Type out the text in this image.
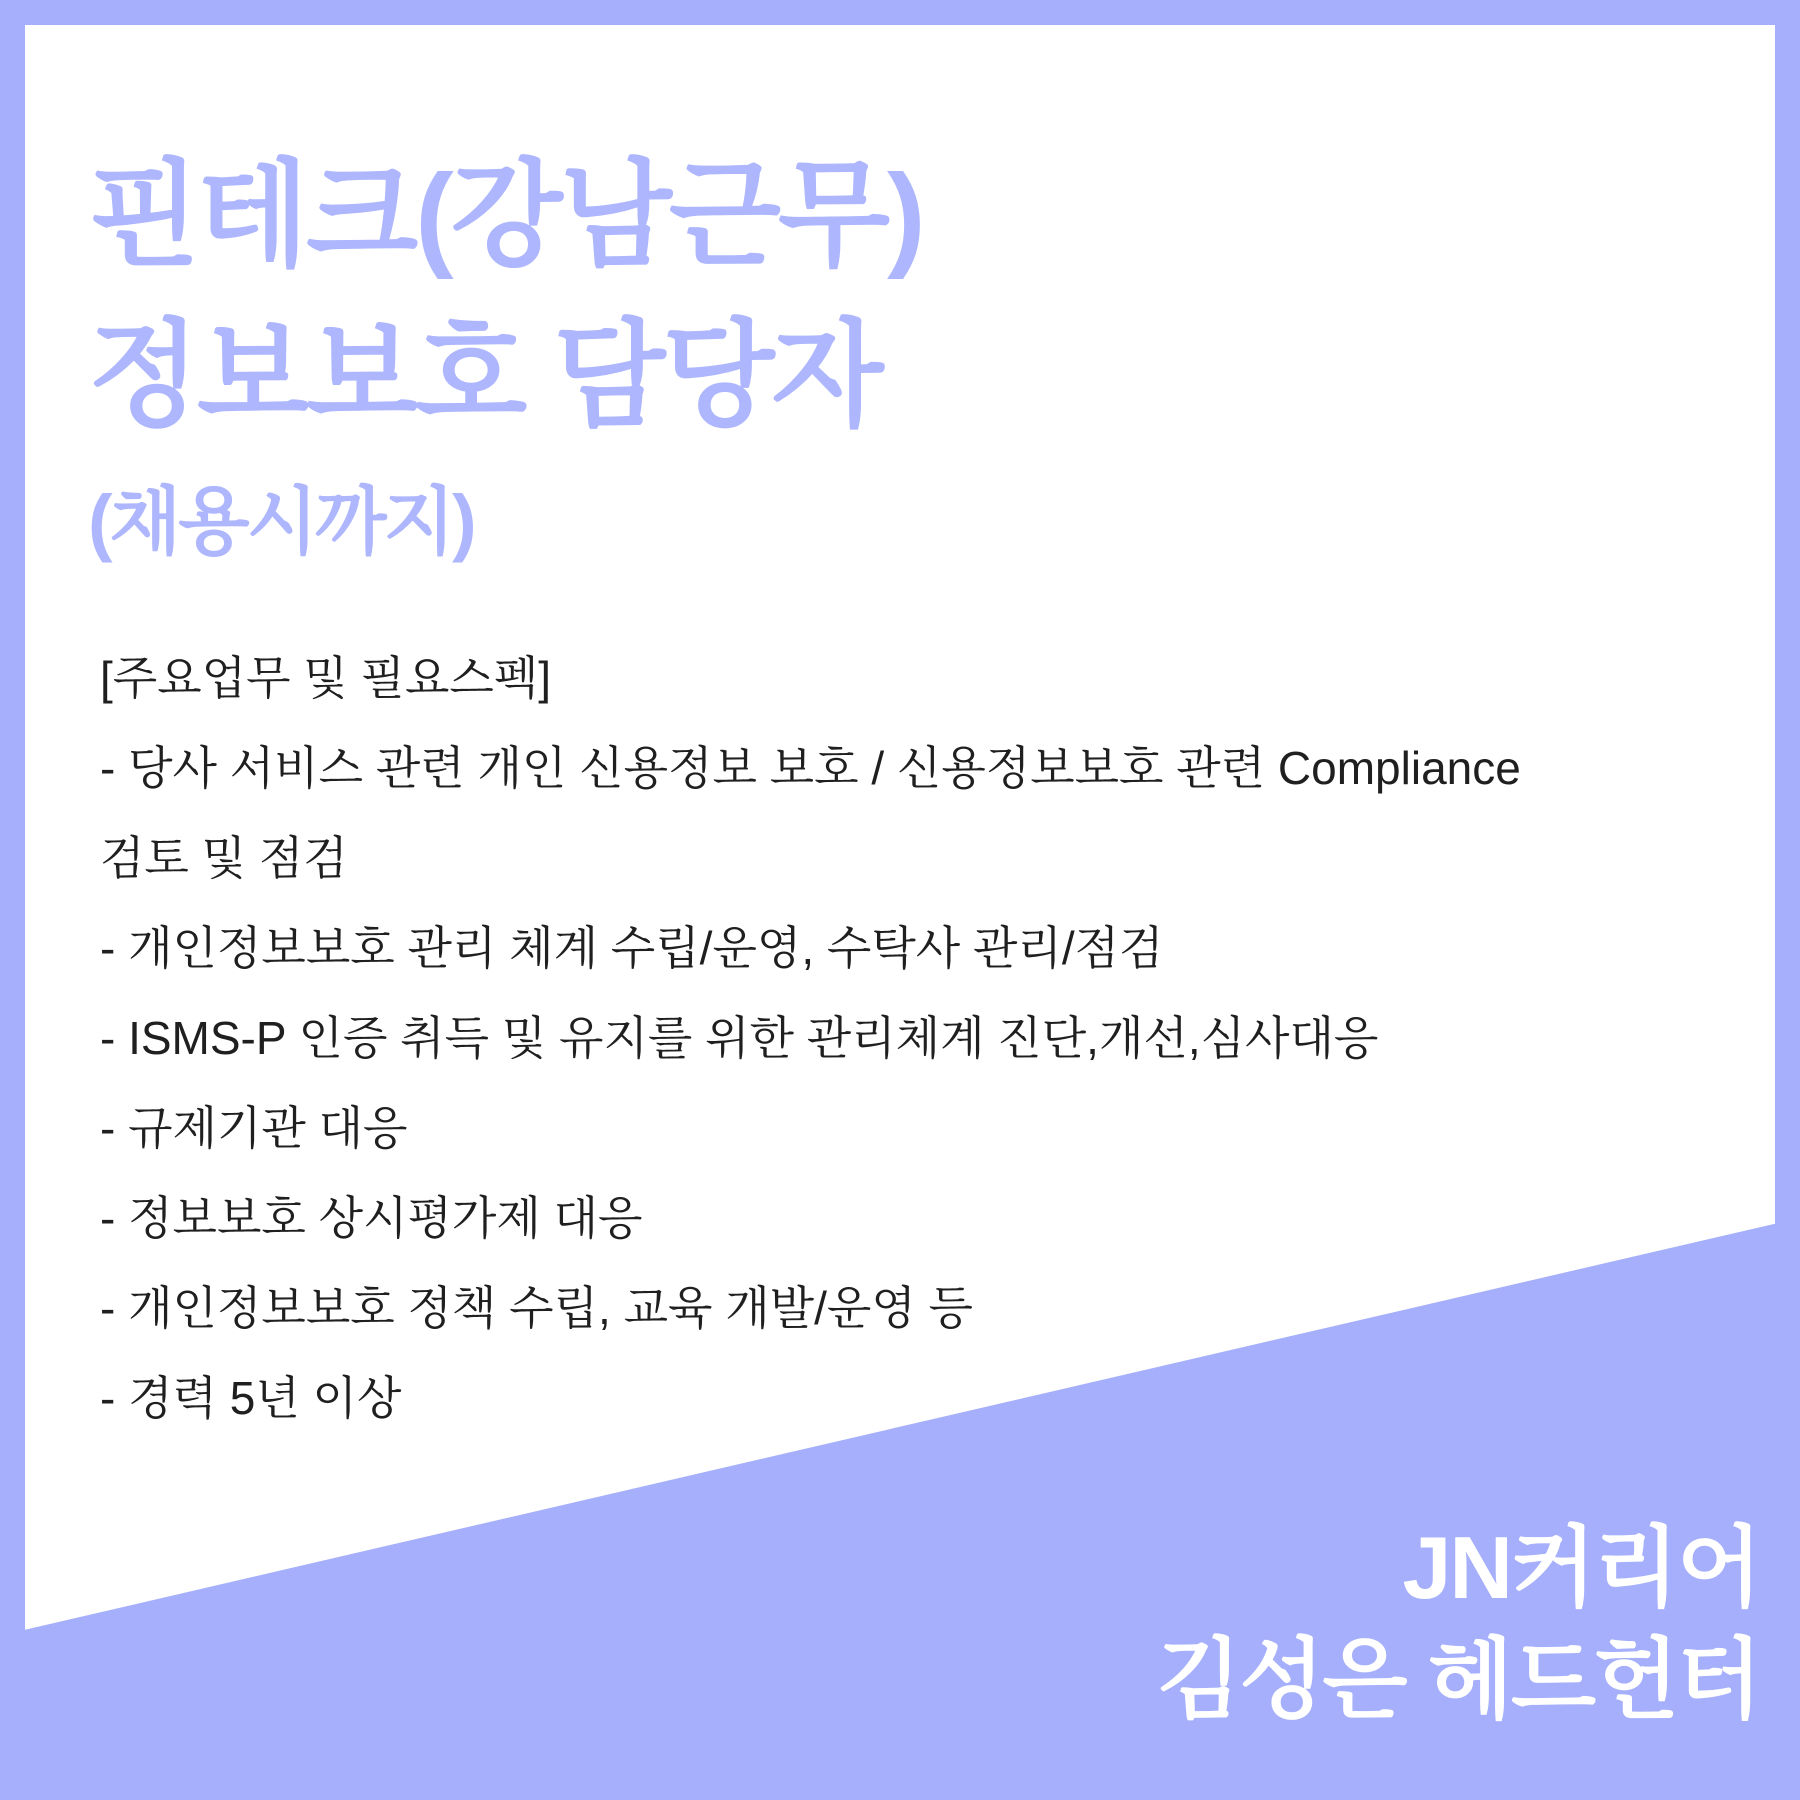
핀테크(강남근무)
정보보호 담당자
(채용시까지)
[주요업무 및 필요스펙]
- 당사 서비스 관련 개인 신용정보 보호 / 신용정보보호 관련 Compliance
검토 및 점검
- 개인정보보호 관리 체계 수립/운영, 수탁사 관리/점검
- ISMS-P 인증 취득 및 유지를 위한 관리체계 진단,개선,심사대응
- 규제기관 대응
- 정보보호 상시평가제 대응
- 개인정보보호 정책 수립, 교육 개발/운영 등
- 경력 5년 이상
JN커리어
김성은 헤드헌터
